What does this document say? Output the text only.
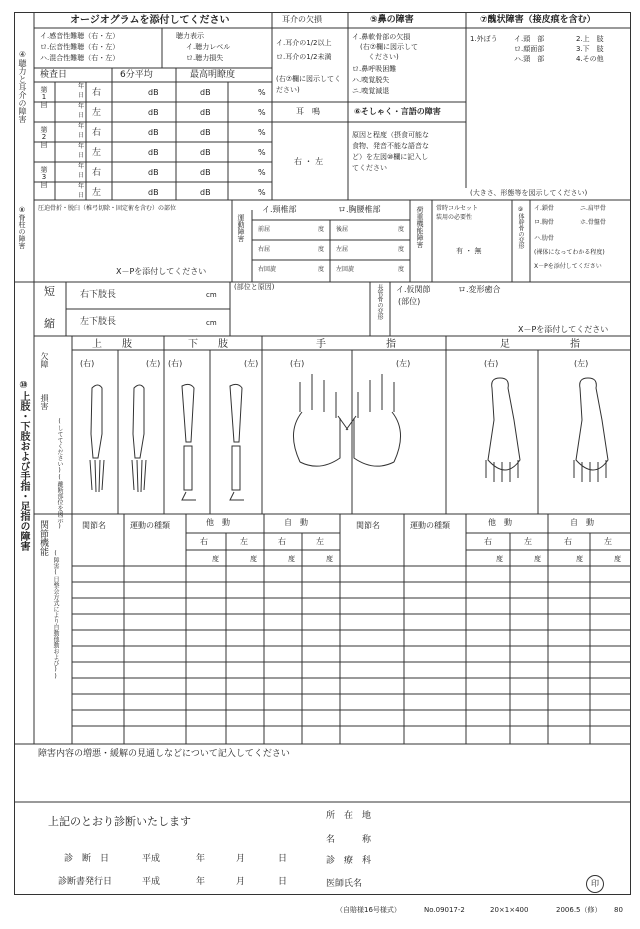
④聴力と耳介の障害
オージオグラムを添付してください
イ.感音性難聴（右・左）
ロ.伝音性難聴（右・左）
ハ.混合性難聴（右・左）
聴力表示
イ.聴力レベル
ロ.聴力損失
検査日	6分平均	最高明瞭度
第1回
第2回
第3回
年
日 右	dB	dB	%
年
日 左	dB	dB	%
年
日 右	dB	dB	%
年
日 左	dB	dB	%
年
日 右	dB	dB	%
年
日 左	dB	dB	%
耳介の欠損
イ.耳介の1/2以上
ロ.耳介の1/2未満
(右⑦欄に図示してください)
耳　鳴
右 ・ 左
⑤鼻の障害
イ.鼻軟骨部の欠損
(右⑦欄に図示して
ください)
ロ.鼻呼吸困難
ハ.嗅覚脱失
ニ.嗅覚減退
⑥そしゃく・言語の障害
原因と程度（摂食可能な
食物、発音不能な語音な
ど）を左図⑩欄に記入し
てください
⑦醜状障害（接皮痕を含む）
1.外ぼう イ.頭　部
ロ.顔面部
ハ.頸　部
2.上　肢
3.下　肢
4.その他
(大きさ、形態等を図示してください)
⑧脊柱の障害 圧迫骨折・脱臼（椎弓切除・固定術を含む）の部位
X－Pを添付してください
運動障害
イ.頸椎部	ロ.胸腰椎部
前屈	度 後屈	度
右屈	度 左屈	度
右回旋	度 左回旋	度
荷重機能障害 常時コルセット
装用の必要性
有 ・ 無
⑨体幹骨の変形 イ.鎖骨	ニ.肩甲骨
ロ.胸骨	ホ.骨盤骨
ハ.肋骨
(裸体になってわかる程度)
X－Pを添付してください
⑩上肢・下肢および手指・足指の障害
短
縮
右下肢長	cm
左下肢長	cm
(部位と原因)	長管骨の変形 イ.仮関節	ロ.変形癒合
(部位)
X－Pを添付してください
上　　肢	下　　肢	手　　　　　　指	足　　　　　　指
(右)	(左) (右)	(左)	(右)	(左)	(右)	(左)
欠障
損害
(しててください)(離断部位を図示)
関節機能
(障害(日整会方式により自動他動および))
関節名	運動の種類	他　動	自　動
右	左	右	左
度	度	度	度
関節名	運動の種類	他　動	自　動
右	左	右	左
度	度	度	度
障害内容の増悪・緩解の見通しなどについて記入してください
上記のとおり診断いたします
診　断　日	平成	年	月	日
診断書発行日	平成	年	月	日
所　在　地
名　　　称
診　療　科
医師氏名	印
（自賠様16号様式）	No.09017-2	20×1×400	2006.5（修） 80
